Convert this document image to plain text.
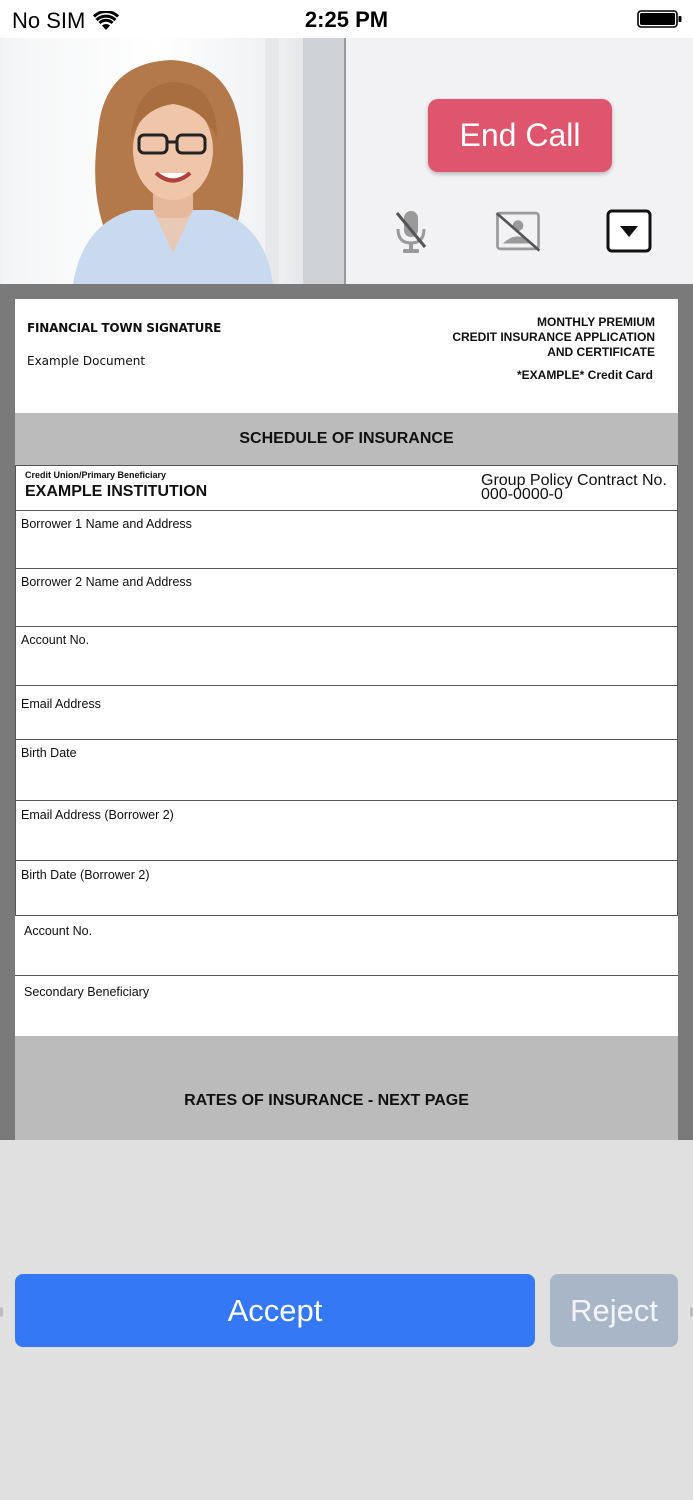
No SIM	2:25 PM
End Call
FINANCIAL TOWN SIGNATURE
Example Document
MONTHLY PREMIUM
CREDIT INSURANCE APPLICATION
AND CERTIFICATE
*EXAMPLE* Credit Card
SCHEDULE OF INSURANCE
Credit Union/Primary Beneficiary
EXAMPLE INSTITUTION
Group Policy Contract No.
000-0000-0
Borrower 1 Name and Address
Borrower 2 Name and Address
Account No.
Email Address
Birth Date
Email Address (Borrower 2)
Birth Date (Borrower 2)
Account No.
Secondary Beneficiary
RATES OF INSURANCE - NEXT PAGE
Accept	Reject
